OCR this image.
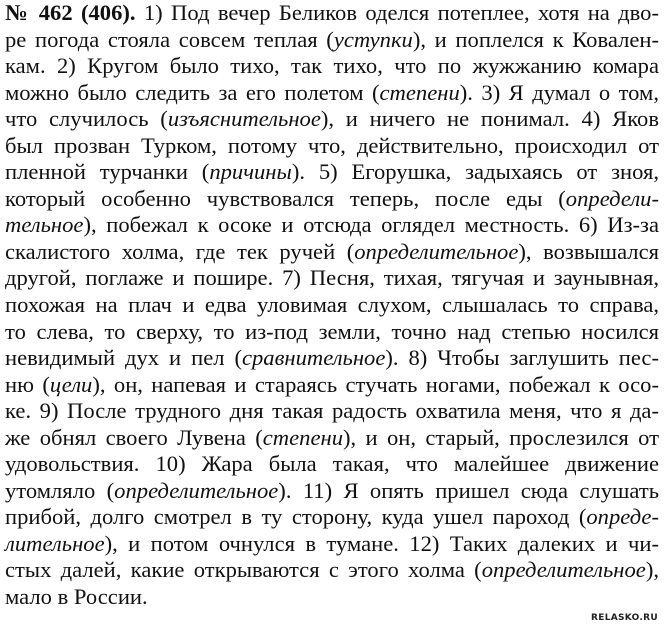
№ 462 (406). 1) Под вечер Беликов оделся потеплее, хотя на дво-
ре погода стояла совсем теплая (уступки), и поплелся к Ковален-
кам. 2) Кругом было тихо, так тихо, что по жужжанию комара
можно было следить за его полетом (степени). 3) Я думал о том,
что случилось (изъяснительное), и ничего не понимал. 4) Яков
был прозван Турком, потому что, действительно, происходил от
пленной турчанки (причины). 5) Егорушка, задыхаясь от зноя,
который особенно чувствовался теперь, после еды (определи-
тельное), побежал к осоке и отсюда оглядел местность. 6) Из-за
скалистого холма, где тек ручей (определительное), возвышался
другой, поглаже и пошире. 7) Песня, тихая, тягучая и заунывная,
похожая на плач и едва уловимая слухом, слышалась то справа,
то слева, то сверху, то из-под земли, точно над степью носился
невидимый дух и пел (сравнительное). 8) Чтобы заглушить пес-
ню (цели), он, напевая и стараясь стучать ногами, побежал к осо-
ке. 9) После трудного дня такая радость охватила меня, что я да-
же обнял своего Лувена (степени), и он, старый, прослезился от
удовольствия. 10) Жара была такая, что малейшее движение
утомляло (определительное). 11) Я опять пришел сюда слушать
прибой, долго смотрел в ту сторону, куда ушел пароход (опреде-
лительное), и потом очнулся в тумане. 12) Таких далеких и чи-
стых далей, какие открываются с этого холма (определительное),
мало в России.
RELASKO.RU
